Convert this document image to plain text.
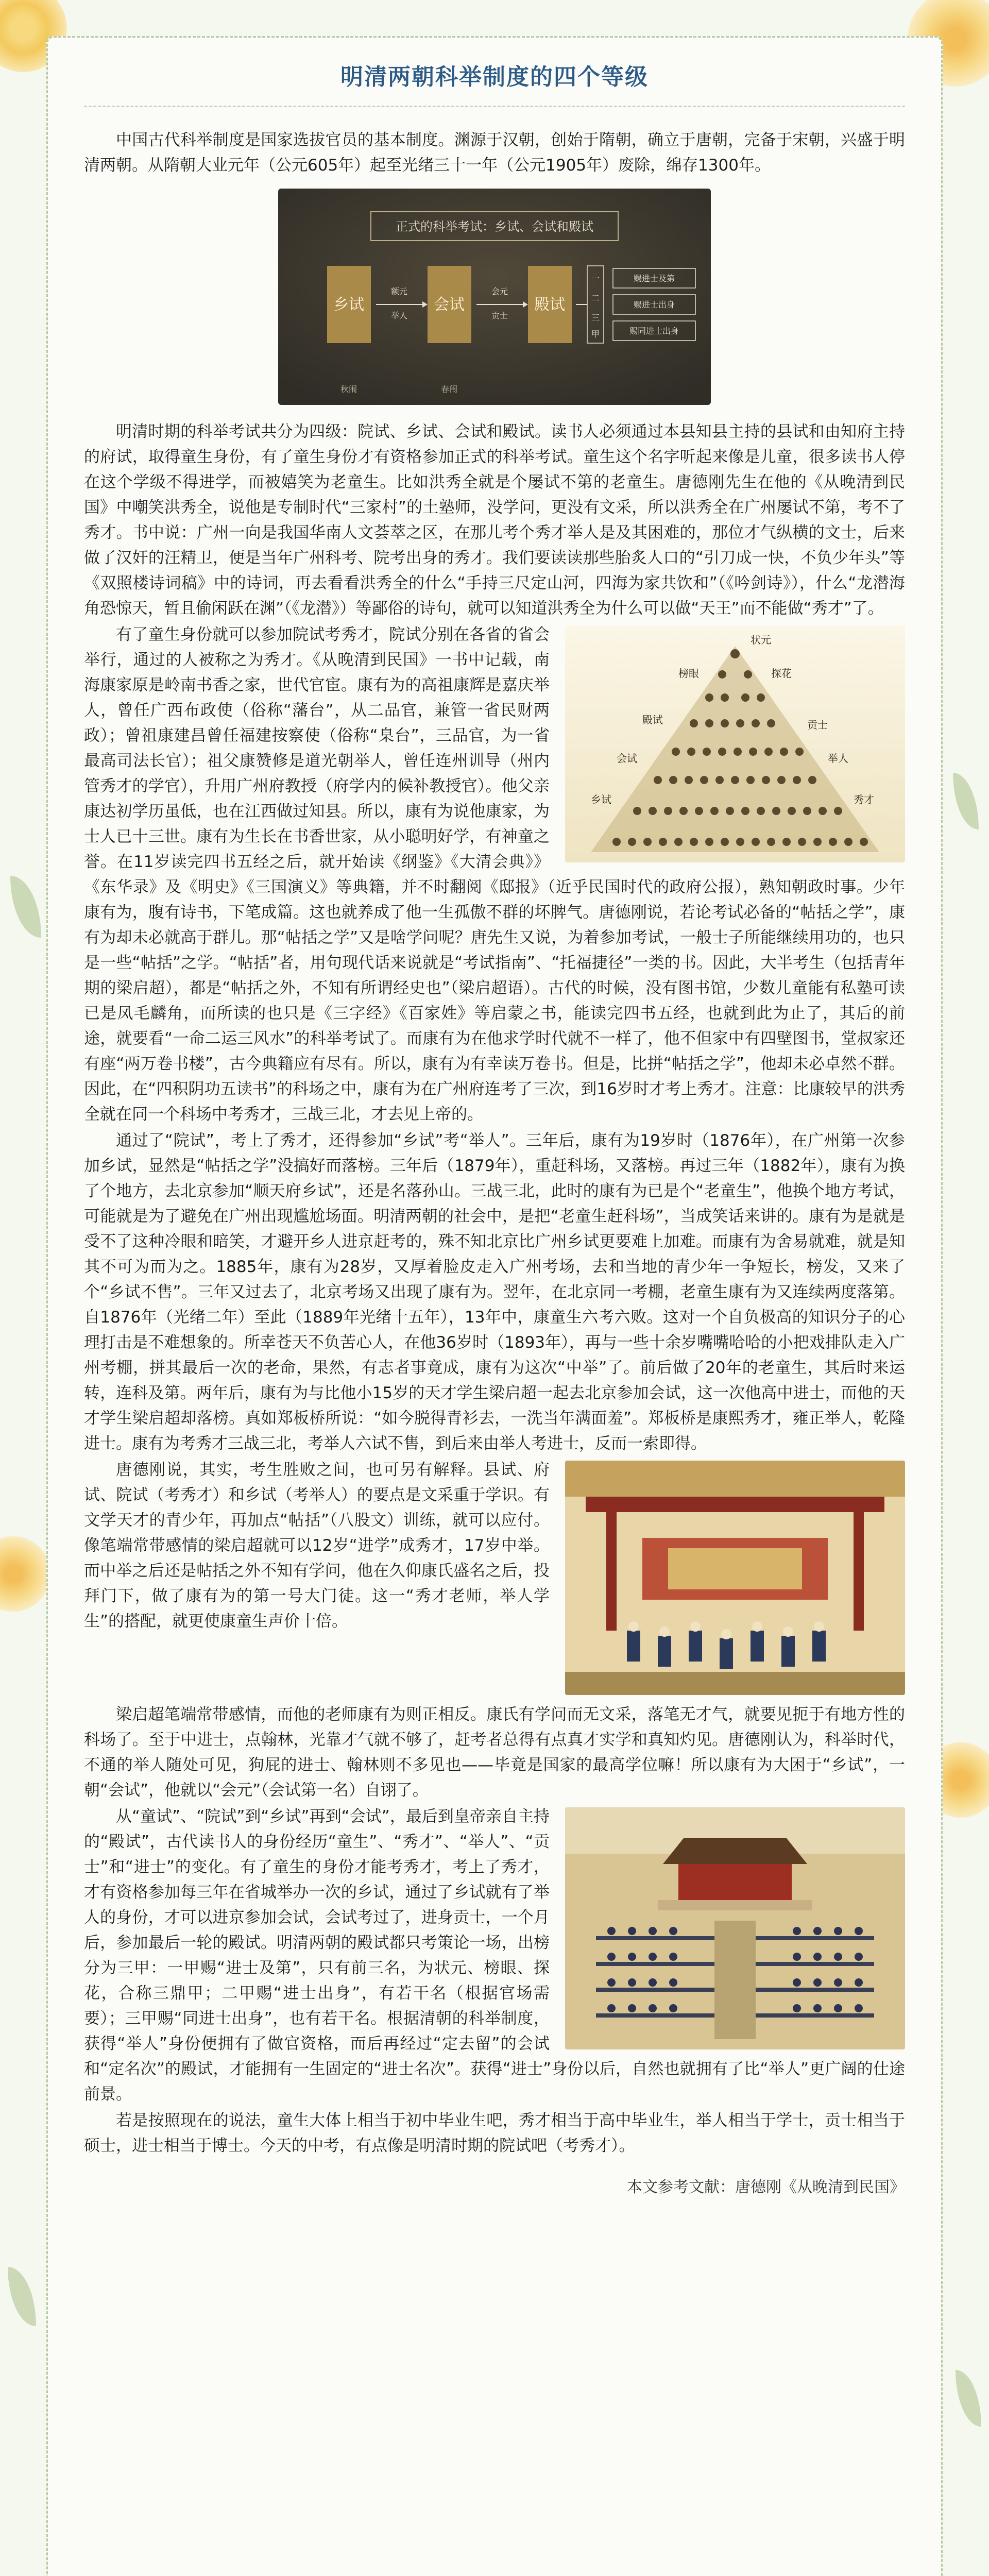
明清两朝科举制度的四个等级

中国古代科举制度是国家选拔官员的基本制度。渊源于汉朝，创始于隋朝，确立于唐朝，完备于宋朝，兴盛于明清两朝。从隋朝大业元年（公元605年）起至光绪三十一年（公元1905年）废除，绵存1300年。

正式的科举考试：乡试、会试和殿试
乡试	会试	殿试
额元
举人
会元
贡士
一
二
三
甲
赐进士及第
赐进士出身
赐同进士出身
秋闱	春闱

明清时期的科举考试共分为四级：院试、乡试、会试和殿试。读书人必须通过本县知县主持的县试和由知府主持的府试，取得童生身份，有了童生身份才有资格参加正式的科举考试。童生这个名字听起来像是儿童，很多读书人停在这个学级不得进学，而被嬉笑为老童生。比如洪秀全就是个屡试不第的老童生。唐德刚先生在他的《从晚清到民国》中嘲笑洪秀全，说他是专制时代“三家村”的土塾师，没学问，更没有文采，所以洪秀全在广州屡试不第，考不了秀才。书中说：广州一向是我国华南人文荟萃之区，在那儿考个秀才举人是及其困难的，那位才气纵横的文士，后来做了汉奸的汪精卫，便是当年广州科考、院考出身的秀才。我们要读读那些胎炙人口的“引刀成一快，不负少年头”等《双照楼诗词稿》中的诗词，再去看看洪秀全的什么“手持三尺定山河，四海为家共饮和”（《吟剑诗》），什么“龙潜海角恐惊天，暂且偷闲跃在渊”（《龙潜》）等鄙俗的诗句，就可以知道洪秀全为什么可以做“天王”而不能做“秀才”了。

状元
榜眼	探花
殿试	贡士
会试	举人
乡试	秀才

有了童生身份就可以参加院试考秀才，院试分别在各省的省会举行，通过的人被称之为秀才。《从晚清到民国》一书中记载，南海康家原是岭南书香之家，世代官宦。康有为的高祖康辉是嘉庆举人，曾任广西布政使（俗称“藩台”，从二品官，兼管一省民财两政）；曾祖康建昌曾任福建按察使（俗称“臬台”，三品官，为一省最高司法长官）；祖父康赞修是道光朝举人，曾任连州训导（州内管秀才的学官），升用广州府教授（府学内的候补教授官）。他父亲康达初学历虽低，也在江西做过知县。所以，康有为说他康家，为士人已十三世。康有为生长在书香世家，从小聪明好学，有神童之誉。在11岁读完四书五经之后，就开始读《纲鉴》《大清会典》》《东华录》及《明史》《三国演义》等典籍，并不时翻阅《邸报》（近乎民国时代的政府公报），熟知朝政时事。少年康有为，腹有诗书，下笔成篇。这也就养成了他一生孤傲不群的坏脾气。唐德刚说，若论考试必备的“帖括之学”，康有为却未必就高于群儿。那“帖括之学”又是啥学问呢？唐先生又说，为着参加考试，一般士子所能继续用功的，也只是一些“帖括”之学。“帖括”者，用句现代话来说就是“考试指南”、“托福捷径”一类的书。因此，大半考生（包括青年期的梁启超），都是“帖括之外，不知有所谓经史也”（梁启超语）。古代的时候，没有图书馆，少数儿童能有私塾可读已是凤毛麟角，而所读的也只是《三字经》《百家姓》等启蒙之书，能读完四书五经，也就到此为止了，其后的前途，就要看“一命二运三风水”的科举考试了。而康有为在他求学时代就不一样了，他不但家中有四壁图书，堂叔家还有座“两万卷书楼”，古今典籍应有尽有。所以，康有为有幸读万卷书。但是，比拼“帖括之学”，他却未必卓然不群。因此，在“四积阴功五读书”的科场之中，康有为在广州府连考了三次，到16岁时才考上秀才。注意：比康较早的洪秀全就在同一个科场中考秀才，三战三北，才去见上帝的。

通过了“院试”，考上了秀才，还得参加“乡试”考“举人”。三年后，康有为19岁时（1876年），在广州第一次参加乡试，显然是“帖括之学”没搞好而落榜。三年后（1879年），重赶科场，又落榜。再过三年（1882年），康有为换了个地方，去北京参加“顺天府乡试”，还是名落孙山。三战三北，此时的康有为已是个“老童生”，他换个地方考试，可能就是为了避免在广州出现尴尬场面。明清两朝的社会中，是把“老童生赶科场”，当成笑话来讲的。康有为是就是受不了这种冷眼和暗笑，才避开乡人进京赶考的，殊不知北京比广州乡试更要难上加难。而康有为舍易就难，就是知其不可为而为之。1885年，康有为28岁，又厚着脸皮走入广州考场，去和当地的青少年一争短长，榜发，又来了个“乡试不售”。三年又过去了，北京考场又出现了康有为。翌年，在北京同一考棚，老童生康有为又连续两度落第。自1876年（光绪二年）至此（1889年光绪十五年），13年中，康童生六考六败。这对一个自负极高的知识分子的心理打击是不难想象的。所幸苍天不负苦心人，在他36岁时（1893年），再与一些十余岁嘴嘴哈哈的小把戏排队走入广州考棚，拼其最后一次的老命，果然，有志者事竟成，康有为这次“中举”了。前后做了20年的老童生，其后时来运转，连科及第。两年后，康有为与比他小15岁的天才学生梁启超一起去北京参加会试，这一次他高中进士，而他的天才学生梁启超却落榜。真如郑板桥所说：“如今脱得青衫去，一洗当年满面羞”。郑板桥是康熙秀才，雍正举人，乾隆进士。康有为考秀才三战三北，考举人六试不售，到后来由举人考进士，反而一索即得。

唐德刚说，其实，考生胜败之间，也可另有解释。县试、府试、院试（考秀才）和乡试（考举人）的要点是文采重于学识。有文学天才的青少年，再加点“帖括”（八股文）训练，就可以应付。像笔端常带感情的梁启超就可以12岁“进学”成秀才，17岁中举。而中举之后还是帖括之外不知有学问，他在久仰康氏盛名之后，投拜门下，做了康有为的第一号大门徒。这一“秀才老师，举人学生”的搭配，就更使康童生声价十倍。

梁启超笔端常带感情，而他的老师康有为则正相反。康氏有学问而无文采，落笔无才气，就要见扼于有地方性的科场了。至于中进士，点翰林，光靠才气就不够了，赶考者总得有点真才实学和真知灼见。唐德刚认为，科举时代，不通的举人随处可见，狗屁的进士、翰林则不多见也——毕竟是国家的最高学位嘛！所以康有为大困于“乡试”，一朝“会试”，他就以“会元”（会试第一名）自诩了。

从“童试”、“院试”到“乡试”再到“会试”，最后到皇帝亲自主持的“殿试”，古代读书人的身份经历“童生”、“秀才”、“举人”、“贡士”和“进士”的变化。有了童生的身份才能考秀才，考上了秀才，才有资格参加每三年在省城举办一次的乡试，通过了乡试就有了举人的身份，才可以进京参加会试，会试考过了，进身贡士，一个月后，参加最后一轮的殿试。明清两朝的殿试都只考策论一场，出榜分为三甲：一甲赐“进士及第”，只有前三名，为状元、榜眼、探花，合称三鼎甲；二甲赐“进士出身”，有若干名（根据官场需要）；三甲赐“同进士出身”，也有若干名。根据清朝的科举制度，获得“举人”身份便拥有了做官资格，而后再经过“定去留”的会试和“定名次”的殿试，才能拥有一生固定的“进士名次”。获得“进士”身份以后，自然也就拥有了比“举人”更广阔的仕途前景。

若是按照现在的说法，童生大体上相当于初中毕业生吧，秀才相当于高中毕业生，举人相当于学士，贡士相当于硕士，进士相当于博士。今天的中考，有点像是明清时期的院试吧（考秀才）。

本文参考文献：唐德刚《从晚清到民国》
